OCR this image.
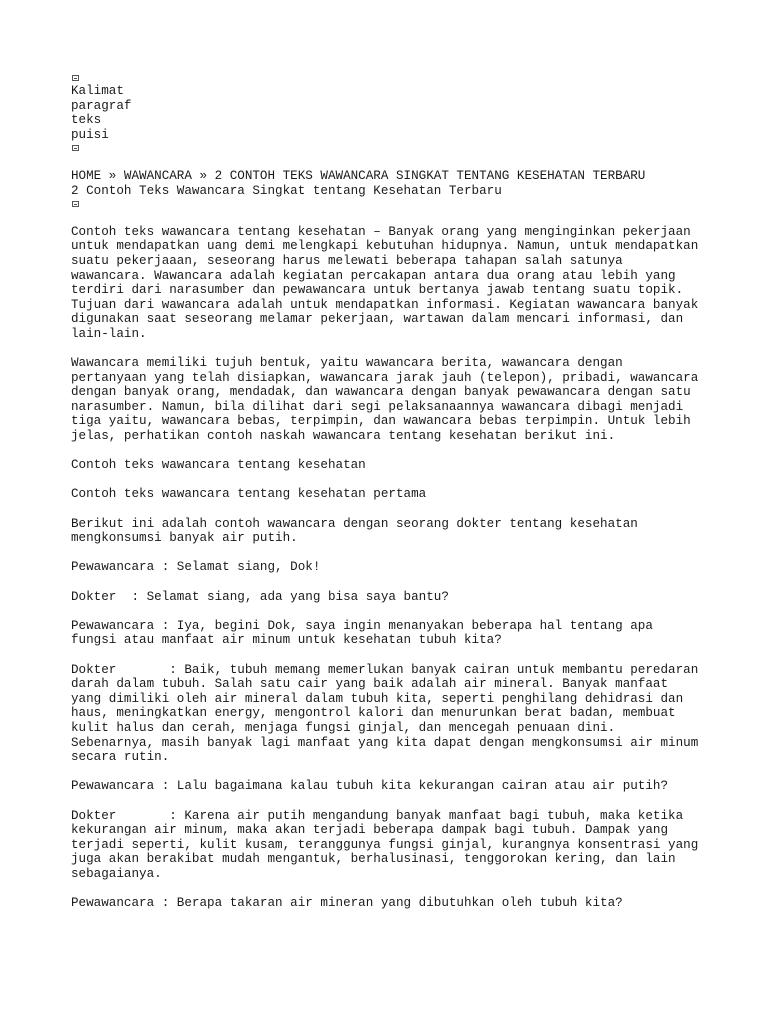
Kalimat
paragraf
teks
puisi
HOME » WAWANCARA » 2 CONTOH TEKS WAWANCARA SINGKAT TENTANG KESEHATAN TERBARU
2 Contoh Teks Wawancara Singkat tentang Kesehatan Terbaru
Contoh teks wawancara tentang kesehatan – Banyak orang yang menginginkan pekerjaan
untuk mendapatkan uang demi melengkapi kebutuhan hidupnya. Namun, untuk mendapatkan
suatu pekerjaaan, seseorang harus melewati beberapa tahapan salah satunya
wawancara. Wawancara adalah kegiatan percakapan antara dua orang atau lebih yang
terdiri dari narasumber dan pewawancara untuk bertanya jawab tentang suatu topik.
Tujuan dari wawancara adalah untuk mendapatkan informasi. Kegiatan wawancara banyak
digunakan saat seseorang melamar pekerjaan, wartawan dalam mencari informasi, dan
lain-lain.
Wawancara memiliki tujuh bentuk, yaitu wawancara berita, wawancara dengan
pertanyaan yang telah disiapkan, wawancara jarak jauh (telepon), pribadi, wawancara
dengan banyak orang, mendadak, dan wawancara dengan banyak pewawancara dengan satu
narasumber. Namun, bila dilihat dari segi pelaksanaannya wawancara dibagi menjadi
tiga yaitu, wawancara bebas, terpimpin, dan wawancara bebas terpimpin. Untuk lebih
jelas, perhatikan contoh naskah wawancara tentang kesehatan berikut ini.
Contoh teks wawancara tentang kesehatan
Contoh teks wawancara tentang kesehatan pertama
Berikut ini adalah contoh wawancara dengan seorang dokter tentang kesehatan
mengkonsumsi banyak air putih.
Pewawancara : Selamat siang, Dok!
Dokter  : Selamat siang, ada yang bisa saya bantu?
Pewawancara : Iya, begini Dok, saya ingin menanyakan beberapa hal tentang apa
fungsi atau manfaat air minum untuk kesehatan tubuh kita?
Dokter       : Baik, tubuh memang memerlukan banyak cairan untuk membantu peredaran
darah dalam tubuh. Salah satu cair yang baik adalah air mineral. Banyak manfaat
yang dimiliki oleh air mineral dalam tubuh kita, seperti penghilang dehidrasi dan
haus, meningkatkan energy, mengontrol kalori dan menurunkan berat badan, membuat
kulit halus dan cerah, menjaga fungsi ginjal, dan mencegah penuaan dini.
Sebenarnya, masih banyak lagi manfaat yang kita dapat dengan mengkonsumsi air minum
secara rutin.
Pewawancara : Lalu bagaimana kalau tubuh kita kekurangan cairan atau air putih?
Dokter       : Karena air putih mengandung banyak manfaat bagi tubuh, maka ketika
kekurangan air minum, maka akan terjadi beberapa dampak bagi tubuh. Dampak yang
terjadi seperti, kulit kusam, teranggunya fungsi ginjal, kurangnya konsentrasi yang
juga akan berakibat mudah mengantuk, berhalusinasi, tenggorokan kering, dan lain
sebagaianya.
Pewawancara : Berapa takaran air mineran yang dibutuhkan oleh tubuh kita?
